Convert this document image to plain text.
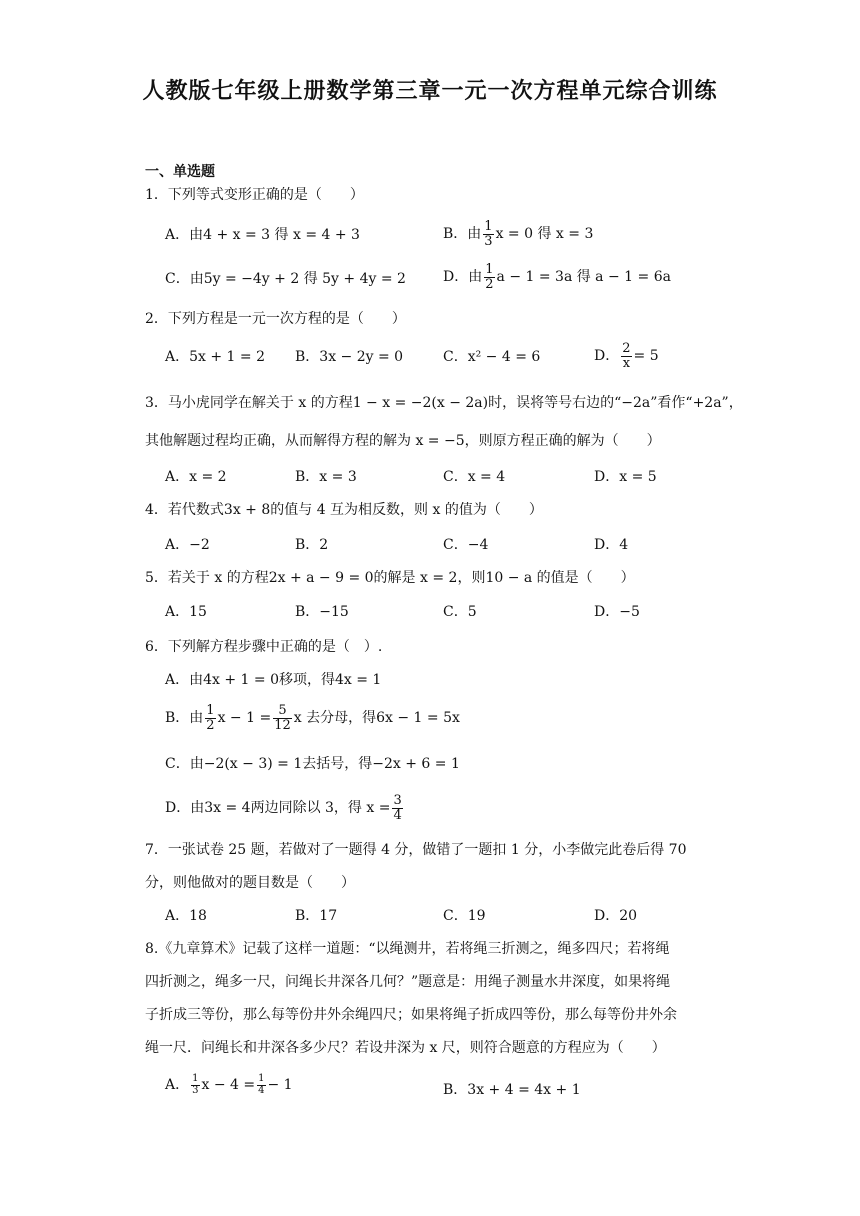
人教版七年级上册数学第三章一元一次方程单元综合训练
一、单选题
1．下列等式变形正确的是（　　）
A．由4 + x = 3 得 x = 4 + 3	B．由 $\frac{1}{3}$ x = 0 得 x = 3
C．由5y = −4y + 2 得 5y + 4y = 2	D．由 $\frac{1}{2}$ a − 1 = 3a 得 a − 1 = 6a
2．下列方程是一元一次方程的是（　　）
A．5x + 1 = 2 B．3x − 2y = 0	C．x² − 4 = 6	D． $\frac{2}{x} = 5$
3．马小虎同学在解关于 x 的方程1 − x = −2(x − 2a)时，误将等号右边的“−2a”看作“+2a”，
其他解题过程均正确，从而解得方程的解为 x = −5，则原方程正确的解为（　　）
A．x = 2	B．x = 3	C．x = 4	D．x = 5
4．若代数式3x + 8的值与 4 互为相反数，则 x 的值为（　　）
A．−2	B．2	C．−4	D．4
5．若关于 x 的方程2x + a − 9 = 0的解是 x = 2，则10 − a 的值是（　　）
A．15	B．−15	C．5	D．−5
6．下列解方程步骤中正确的是（　）.
A．由4x + 1 = 0移项，得4x = 1
B．由 $\frac{1}{2}$ $x - 1 = \frac{5}{12}$ x 去分母，得6x − 1 = 5x
C．由−2(x − 3) = 1去括号，得−2x + 6 = 1
D．由3x = 4两边同除以 3，得 $x = \frac{3}{4}$
7．一张试卷 25 题，若做对了一题得 4 分，做错了一题扣 1 分，小李做完此卷后得 70
分，则他做对的题目数是（　　）
A．18	B．17	C．19	D．20
8.《九章算术》记载了这样一道题：“以绳测井，若将绳三折测之，绳多四尺；若将绳
四折测之，绳多一尺，问绳长井深各几何？”题意是：用绳子测量水井深度，如果将绳
子折成三等份，那么每等份井外余绳四尺；如果将绳子折成四等份，那么每等份井外余
绳一尺．问绳长和井深各多少尺？若设井深为 x 尺，则符合题意的方程应为（　　）
A． $\frac{1}{3}$ $x - 4 = \frac{1}{4} - 1$	B．3x + 4 = 4x + 1
